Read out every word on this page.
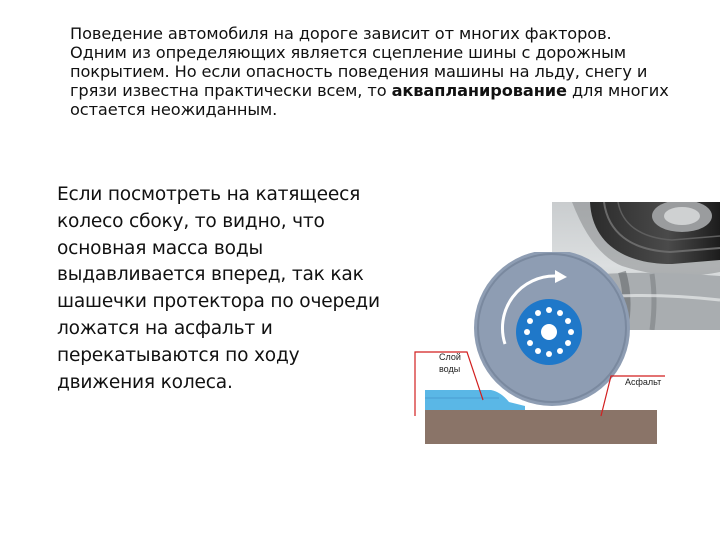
Поведение автомобиля на дороге зависит от многих факторов. Одним из определяющих является сцепление шины с дорожным покрытием. Но если опасность поведения машины на льду, снегу и грязи известна практически всем, то аквапланирование для многих остается неожиданным.

Если посмотреть на катящееся колесо сбоку, то видно, что основная масса воды выдавливается вперед, так как шашечки протектора по очереди ложатся на асфальт и перекатываются по ходу движения колеса.

Слой
воды
Асфальт
